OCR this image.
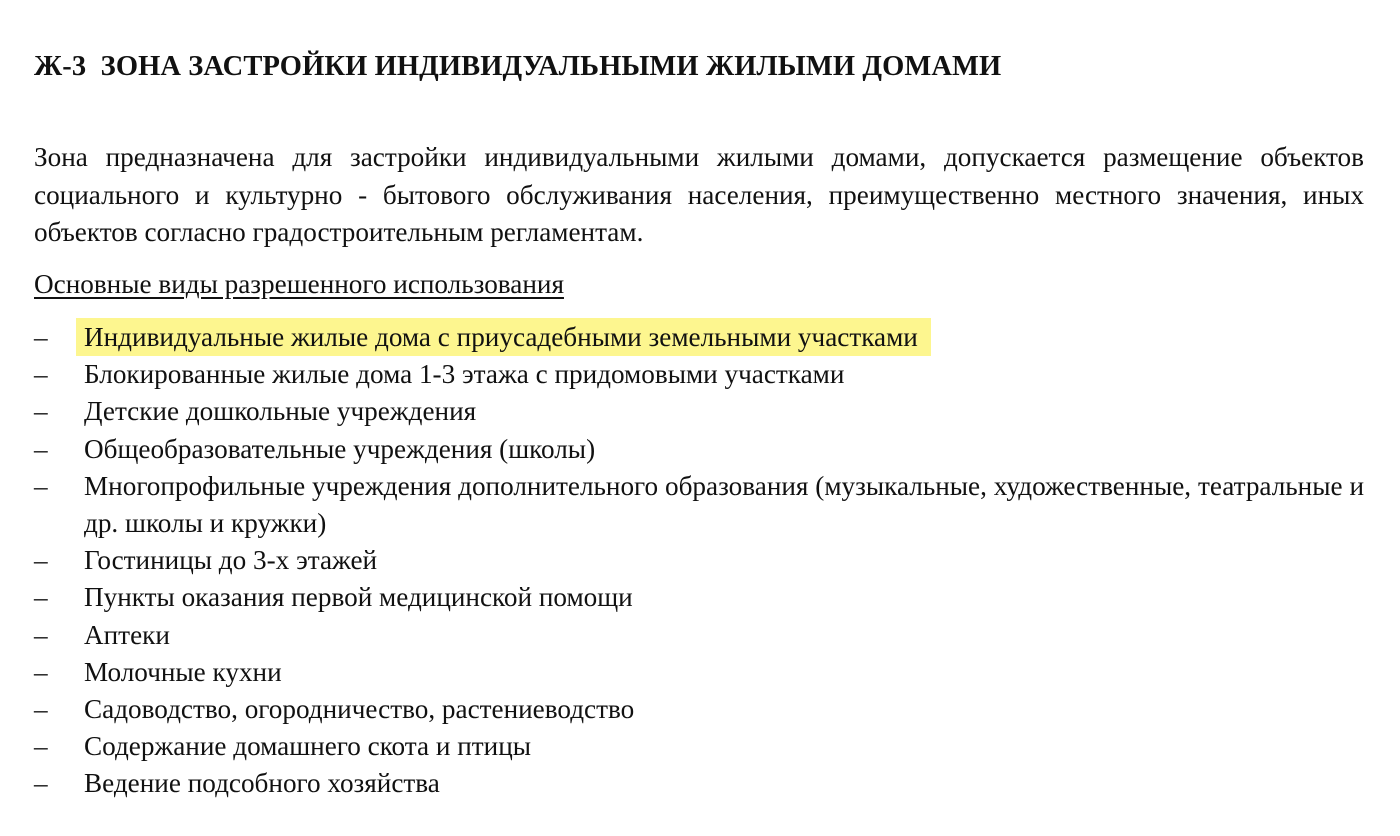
Ж-3  ЗОНА ЗАСТРОЙКИ ИНДИВИДУАЛЬНЫМИ ЖИЛЫМИ ДОМАМИ

Зона предназначена для застройки индивидуальными жилыми домами, допускается размещение объектов социального и культурно - бытового обслуживания населения, преимущественно местного значения, иных объектов согласно градостроительным регламентам.

Основные виды разрешенного использования

– Индивидуальные жилые дома с приусадебными земельными участками
– Блокированные жилые дома 1-3 этажа с придомовыми участками
– Детские дошкольные учреждения
– Общеобразовательные учреждения (школы)
– Многопрофильные учреждения дополнительного образования (музыкальные, художественные, театральные и др. школы и кружки)
– Гостиницы до 3-х этажей
– Пункты оказания первой медицинской помощи
– Аптеки
– Молочные кухни
– Садоводство, огородничество, растениеводство
– Содержание домашнего скота и птицы
– Ведение подсобного хозяйства
